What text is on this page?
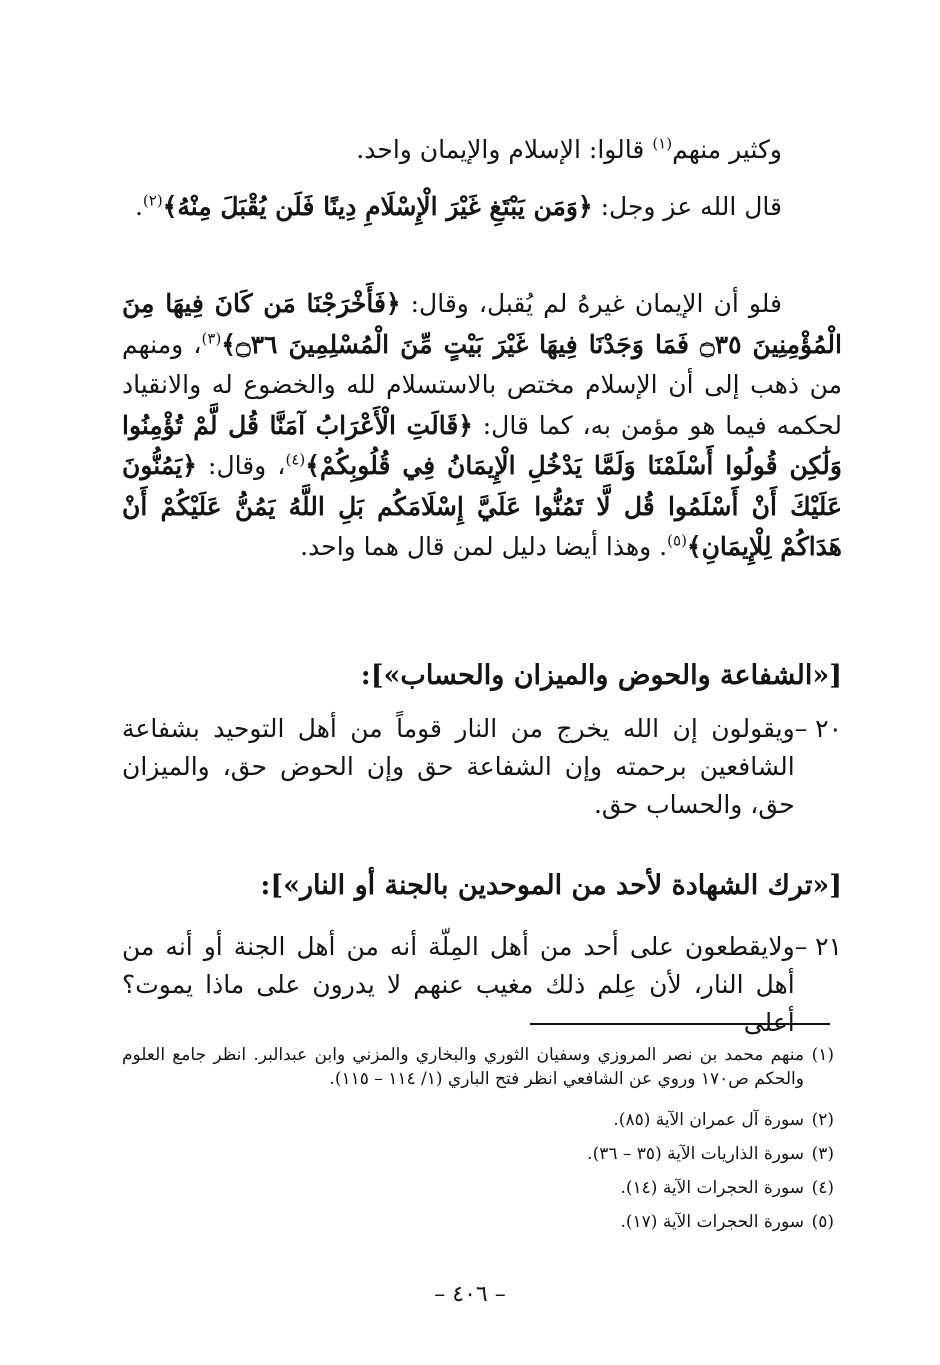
وكثير منهم$^{(١)}$ قالوا: الإسلام والإيمان واحد.

قال الله عز وجل: ﴿وَمَن يَبْتَغِ غَيْرَ الْإِسْلَامِ دِينًا فَلَن يُقْبَلَ مِنْهُ﴾$^{(٢)}$.

فلو أن الإيمان غيرهُ لم يُقبل، وقال: ﴿فَأَخْرَجْنَا مَن كَانَ فِيهَا مِنَ الْمُؤْمِنِينَ ۝٣٥ فَمَا وَجَدْنَا فِيهَا غَيْرَ بَيْتٍ مِّنَ الْمُسْلِمِينَ ۝٣٦﴾$^{(٣)}$، ومنهم من ذهب إلى أن الإسلام مختص بالاستسلام لله والخضوع له والانقياد لحكمه فيما هو مؤمن به، كما قال: ﴿قَالَتِ الْأَعْرَابُ آمَنَّا قُل لَّمْ تُؤْمِنُوا وَلَٰكِن قُولُوا أَسْلَمْنَا وَلَمَّا يَدْخُلِ الْإِيمَانُ فِي قُلُوبِكُمْ﴾$^{(٤)}$، وقال: ﴿يَمُنُّونَ عَلَيْكَ أَنْ أَسْلَمُوا قُل لَّا تَمُنُّوا عَلَيَّ إِسْلَامَكُم بَلِ اللَّهُ يَمُنُّ عَلَيْكُمْ أَنْ هَدَاكُمْ لِلْإِيمَانِ﴾$^{(٥)}$. وهذا أيضا دليل لمن قال هما واحد.

[«الشفاعة والحوض والميزان والحساب»]:
٢٠ –
ويقولون إن الله يخرج من النار قوماً من أهل التوحيد بشفاعة الشافعين برحمته وإن الشفاعة حق وإن الحوض حق، والميزان حق، والحساب حق.
[«ترك الشهادة لأحد من الموحدين بالجنة أو النار»]:
٢١ –
ولايقطعون على أحد من أهل المِلّة أنه من أهل الجنة أو أنه من أهل النار، لأن عِلم ذلك مغيب عنهم لا يدرون على ماذا يموت؟ أعلى
(١)
منهم محمد بن نصر المروزي وسفيان الثوري والبخاري والمزني وابن عبدالبر. انظر جامع العلوم والحكم ص١٧٠ وروي عن الشافعي انظر فتح الباري (١/ ١١٤ – ١١٥).
(٢)
سورة آل عمران الآية (٨٥).
(٣)
سورة الذاريات الآية (٣٥ – ٣٦).
(٤)
سورة الحجرات الآية (١٤).
(٥)
سورة الحجرات الآية (١٧).
– ٤٠٦ –
